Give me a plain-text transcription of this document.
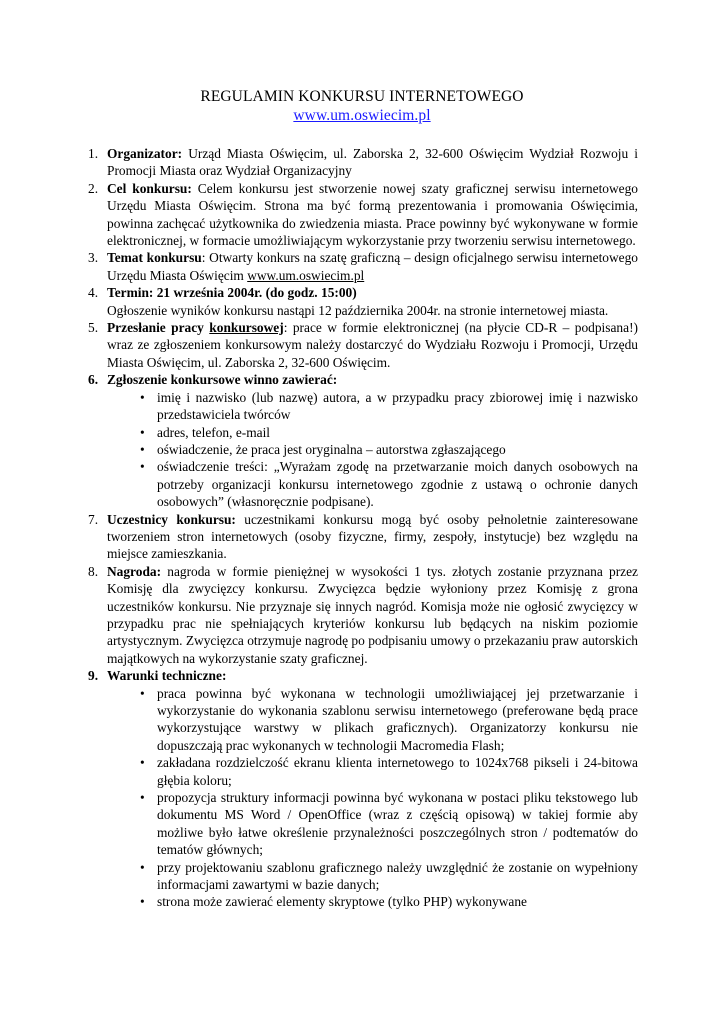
REGULAMIN KONKURSU INTERNETOWEGO
www.um.oswiecim.pl
1. Organizator: Urząd Miasta Oświęcim, ul. Zaborska 2, 32-600 Oświęcim Wydział Rozwoju i Promocji Miasta oraz Wydział Organizacyjny

2. Cel konkursu: Celem konkursu jest stworzenie nowej szaty graficznej serwisu internetowego Urzędu Miasta Oświęcim. Strona ma być formą prezentowania i promowania Oświęcimia, powinna zachęcać użytkownika do zwiedzenia miasta. Prace powinny być wykonywane w formie elektronicznej, w formacie umożliwiającym wykorzystanie przy tworzeniu serwisu internetowego.

3. Temat konkursu: Otwarty konkurs na szatę graficzną – design oficjalnego serwisu internetowego Urzędu Miasta Oświęcim www.um.oswiecim.pl

4. Termin: 21 września 2004r. (do godz. 15:00)

Ogłoszenie wyników konkursu nastąpi 12 października 2004r. na stronie internetowej miasta.

5. Przesłanie pracy konkursowej: prace w formie elektronicznej (na płycie CD-R – podpisana!) wraz ze zgłoszeniem konkursowym należy dostarczyć do Wydziału Rozwoju i Promocji, Urzędu Miasta Oświęcim, ul. Zaborska 2, 32-600 Oświęcim.

6. Zgłoszenie konkursowe winno zawierać:

• imię i nazwisko (lub nazwę) autora, a w przypadku pracy zbiorowej imię i nazwisko przedstawiciela twórców
• adres, telefon, e-mail
• oświadczenie, że praca jest oryginalna – autorstwa zgłaszającego
• oświadczenie treści: „Wyrażam zgodę na przetwarzanie moich danych osobowych na potrzeby organizacji konkursu internetowego zgodnie z ustawą o ochronie danych osobowych” (własnoręcznie podpisane).
7. Uczestnicy konkursu: uczestnikami konkursu mogą być osoby pełnoletnie zainteresowane tworzeniem stron internetowych (osoby fizyczne, firmy, zespoły, instytucje) bez względu na miejsce zamieszkania.

8. Nagroda: nagroda w formie pieniężnej w wysokości 1 tys. złotych zostanie przyznana przez Komisję dla zwycięzcy konkursu. Zwycięzca będzie wyłoniony przez Komisję z grona uczestników konkursu. Nie przyznaje się innych nagród. Komisja może nie ogłosić zwycięzcy w przypadku prac nie spełniających kryteriów konkursu lub będących na niskim poziomie artystycznym. Zwycięzca otrzymuje nagrodę po podpisaniu umowy o przekazaniu praw autorskich majątkowych na wykorzystanie szaty graficznej.

9. Warunki techniczne:

• praca powinna być wykonana w technologii umożliwiającej jej przetwarzanie i wykorzystanie do wykonania szablonu serwisu internetowego (preferowane będą prace wykorzystujące warstwy w plikach graficznych). Organizatorzy konkursu nie dopuszczają prac wykonanych w technologii Macromedia Flash;
• zakładana rozdzielczość ekranu klienta internetowego to 1024x768 pikseli i 24-bitowa głębia koloru;
• propozycja struktury informacji powinna być wykonana w postaci pliku tekstowego lub dokumentu MS Word / OpenOffice (wraz z częścią opisową) w takiej formie aby możliwe było łatwe określenie przynależności poszczególnych stron / podtematów do tematów głównych;
• przy projektowaniu szablonu graficznego należy uwzględnić że zostanie on wypełniony informacjami zawartymi w bazie danych;
• strona może zawierać elementy skryptowe (tylko PHP) wykonywane
